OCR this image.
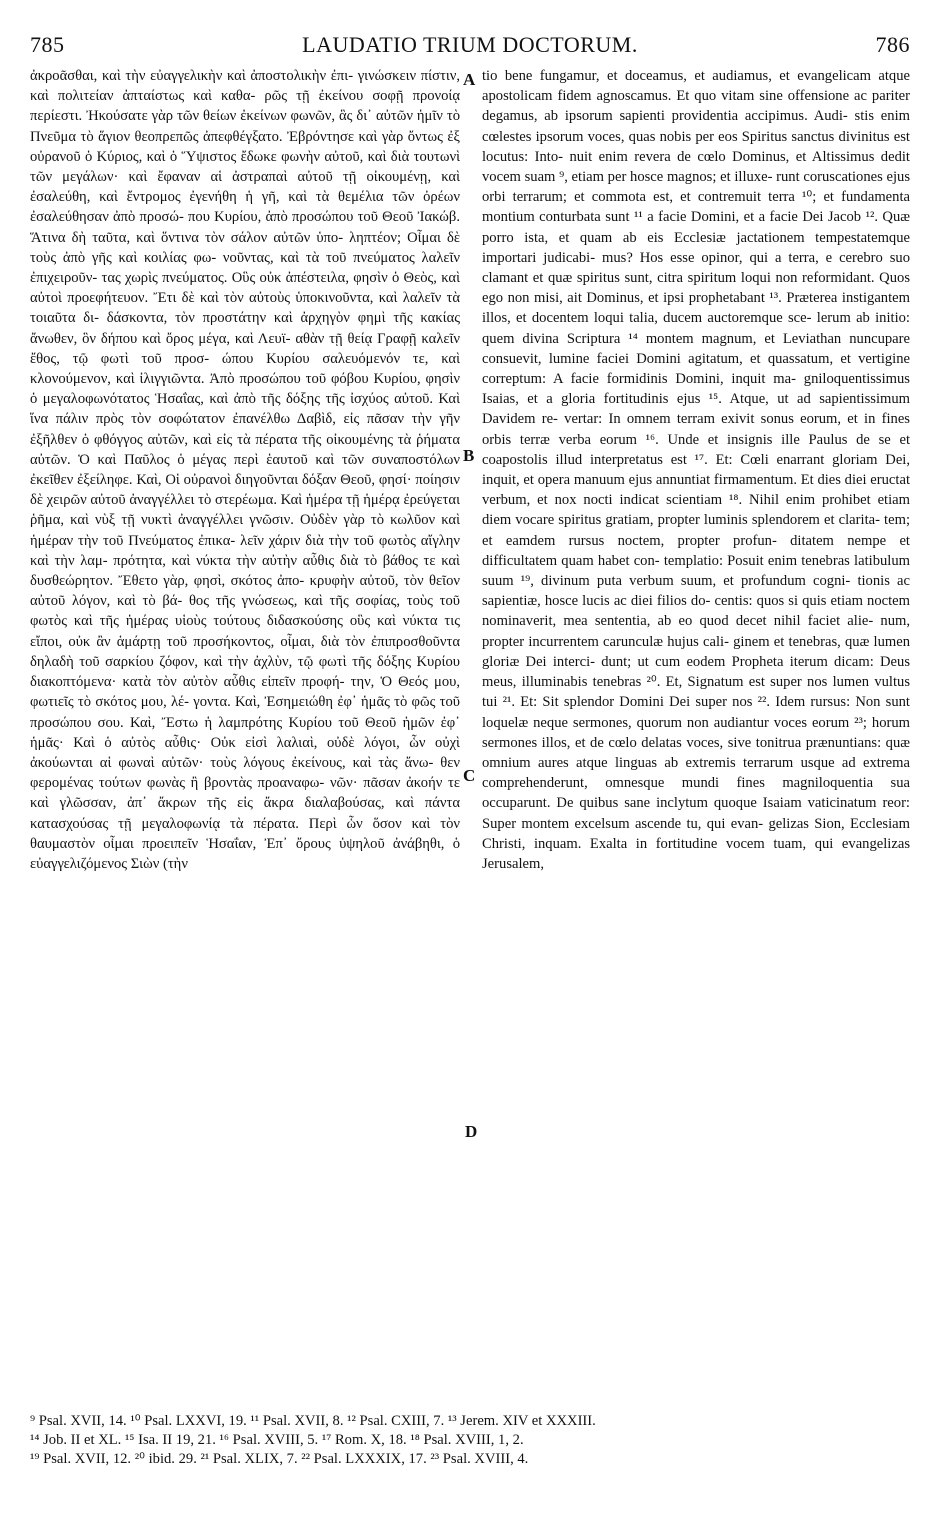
785	LAUDATIO TRIUM DOCTORUM.	786

ἀκροᾶσθαι, καὶ τὴν εὐαγγελικὴν καὶ ἀποστολικὴν ἐπι- γινώσκειν πίστιν, καὶ πολιτείαν ἀπταίστως καὶ καθα- ρῶς τῇ ἐκείνου σοφῇ προνοίᾳ περίεστι. Ἠκούσατε γὰρ τῶν θείων ἐκείνων φωνῶν, ἃς δι᾽ αὐτῶν ἡμῖν τὸ Πνεῦμα τὸ ἅγιον θεοπρεπῶς ἀπεφθέγξατο. Ἐβρόντησε καὶ γὰρ ὄντως ἐξ οὐρανοῦ ὁ Κύριος, καὶ ὁ Ὕψιστος ἔδωκε φωνὴν αὐτοῦ, καὶ διὰ τουτωνὶ τῶν μεγάλων· καὶ ἔφαναν αἱ ἀστραπαὶ αὐτοῦ τῇ οἰκουμένῃ, καὶ ἐσαλεύθη, καὶ ἔντρομος ἐγενήθη ἡ γῆ, καὶ τὰ θεμέλια τῶν ὀρέων ἐσαλεύθησαν ἀπὸ προσώ- που Κυρίου, ἀπὸ προσώπου τοῦ Θεοῦ Ἰακώβ. Ἅτινα δὴ ταῦτα, καὶ ὅντινα τὸν σάλον αὐτῶν ὑπο- ληπτέον; Οἶμαι δὲ τοὺς ἀπὸ γῆς καὶ κοιλίας φω- νοῦντας, καὶ τὰ τοῦ πνεύματος λαλεῖν ἐπιχειροῦν- τας χωρὶς πνεύματος. Οὓς οὐκ ἀπέστειλα, φησὶν ὁ Θεὸς, καὶ αὐτοὶ προεφήτευον. Ἔτι δὲ καὶ τὸν αὐτοὺς ὑποκινοῦντα, καὶ λαλεῖν τὰ τοιαῦτα δι- δάσκοντα, τὸν προστάτην καὶ ἀρχηγὸν φημὶ τῆς κακίας ἄνωθεν, ὃν δήπου καὶ ὄρος μέγα, καὶ Λευϊ- αθὰν τῇ θείᾳ Γραφῇ καλεῖν ἔθος, τῷ φωτὶ τοῦ προσ- ώπου Κυρίου σαλευόμενόν τε, καὶ κλονούμενον, καὶ ἰλιγγιῶντα. Ἀπὸ προσώπου τοῦ φόβου Κυρίου, φησὶν ὁ μεγαλοφωνότατος Ἡσαΐας, καὶ ἀπὸ τῆς δόξης τῆς ἰσχύος αὐτοῦ. Καὶ ἵνα πάλιν πρὸς τὸν σοφώτατον ἐπανέλθω Δαβὶδ, εἰς πᾶσαν τὴν γῆν ἐξῆλθεν ὁ φθόγγος αὐτῶν, καὶ εἰς τὰ πέρατα τῆς οἰκουμένης τὰ ῥήματα αὐτῶν. Ὁ καὶ Παῦλος ὁ μέγας περὶ ἑαυτοῦ καὶ τῶν συναποστόλων ἐκεῖθεν ἐξείληφε. Καὶ, Οἱ οὐρανοὶ διηγοῦνται δόξαν Θεοῦ, φησί· ποίησιν δὲ χειρῶν αὐτοῦ ἀναγγέλλει τὸ στερέωμα. Καὶ ἡμέρα τῇ ἡμέρᾳ ἐρεύγεται ῥῆμα, καὶ νὺξ τῇ νυκτὶ ἀναγγέλλει γνῶσιν. Οὐδὲν γὰρ τὸ κωλῦον καὶ ἡμέραν τὴν τοῦ Πνεύματος ἐπικα- λεῖν χάριν διὰ τὴν τοῦ φωτὸς αἴγλην καὶ τὴν λαμ- πρότητα, καὶ νύκτα τὴν αὐτὴν αὖθις διὰ τὸ βάθος τε καὶ δυσθεώρητον. Ἔθετο γὰρ, φησὶ, σκότος ἀπο- κρυφὴν αὐτοῦ, τὸν θεῖον αὐτοῦ λόγον, καὶ τὸ βά- θος τῆς γνώσεως, καὶ τῆς σοφίας, τοὺς τοῦ φωτὸς καὶ τῆς ἡμέρας υἱοὺς τούτους διδασκούσης οὓς καὶ νύκτα τις εἴποι, οὐκ ἂν ἁμάρτῃ τοῦ προσήκοντος, οἶμαι, διὰ τὸν ἐπιπροσθοῦντα δηλαδὴ τοῦ σαρκίου ζόφον, καὶ τὴν ἀχλὺν, τῷ φωτὶ τῆς δόξης Κυρίου διακοπτόμενα· κατὰ τὸν αὐτὸν αὖθις εἰπεῖν προφή- την, Ὁ Θεός μου, φωτιεῖς τὸ σκότος μου, λέ- γοντα. Καὶ, Ἐσημειώθη ἐφ᾽ ἡμᾶς τὸ φῶς τοῦ προσώπου σου. Καὶ, Ἔστω ἡ λαμπρότης Κυρίου τοῦ Θεοῦ ἡμῶν ἐφ᾽ ἡμᾶς· Καὶ ὁ αὐτὸς αὖθις· Οὐκ εἰσὶ λαλιαὶ, οὐδὲ λόγοι, ὧν οὐχὶ ἀκούωνται αἱ φωναὶ αὐτῶν· τοὺς λόγους ἐκείνους, καὶ τὰς ἄνω- θεν φερομένας τούτων φωνὰς ἢ βροντὰς προαναφω- νῶν· πᾶσαν ἀκοήν τε καὶ γλῶσσαν, ἀπ᾽ ἄκρων τῆς εἰς ἄκρα διαλαβούσας, καὶ πάντα κατασχούσας τῇ μεγαλοφωνίᾳ τὰ πέρατα. Περὶ ὧν ὅσον καὶ τὸν θαυμαστὸν οἶμαι προειπεῖν Ἡσαΐαν, Ἐπ᾽ ὄρους ὑψηλοῦ ἀνάβηθι, ὁ εὐαγγελιζόμενος Σιὼν (τὴν

A
B
C
D

tio bene fungamur, et doceamus, et audiamus, et evangelicam atque apostolicam fidem agnoscamus. Et quo vitam sine offensione ac pariter degamus, ab ipsorum sapienti providentia accipimus. Audi- stis enim cœlestes ipsorum voces, quas nobis per eos Spiritus sanctus divinitus est locutus: Into- nuit enim revera de cœlo Dominus, et Altissimus dedit vocem suam ⁹, etiam per hosce magnos; et illuxe- runt coruscationes ejus orbi terrarum; et commota est, et contremuit terra ¹⁰; et fundamenta montium conturbata sunt ¹¹ a facie Domini, et a facie Dei Jacob ¹². Quæ porro ista, et quam ab eis Ecclesiæ jactationem tempestatemque importari judicabi- mus? Hos esse opinor, qui a terra, e cerebro suo clamant et quæ spiritus sunt, citra spiritum loqui non reformidant. Quos ego non misi, ait Dominus, et ipsi prophetabant ¹³. Præterea instigantem illos, et docentem loqui talia, ducem auctoremque sce- lerum ab initio: quem divina Scriptura ¹⁴ montem magnum, et Leviathan nuncupare consuevit, lumine faciei Domini agitatum, et quassatum, et vertigine correptum: A facie formidinis Domini, inquit ma- gniloquentissimus Isaias, et a gloria fortitudinis ejus ¹⁵. Atque, ut ad sapientissimum Davidem re- vertar: In omnem terram exivit sonus eorum, et in fines orbis terræ verba eorum ¹⁶. Unde et insignis ille Paulus de se et coapostolis illud interpretatus est ¹⁷. Et: Cœli enarrant gloriam Dei, inquit, et opera manuum ejus annuntiat firmamentum. Et dies diei eructat verbum, et nox nocti indicat scientiam ¹⁸. Nihil enim prohibet etiam diem vocare spiritus gratiam, propter luminis splendorem et clarita- tem; et eamdem rursus noctem, propter profun- ditatem nempe et difficultatem quam habet con- templatio: Posuit enim tenebras latibulum suum ¹⁹, divinum puta verbum suum, et profundum cogni- tionis ac sapientiæ, hosce lucis ac diei filios do- centis: quos si quis etiam noctem nominaverit, mea sententia, ab eo quod decet nihil faciet alie- num, propter incurrentem carunculæ hujus cali- ginem et tenebras, quæ lumen gloriæ Dei interci- dunt; ut cum eodem Propheta iterum dicam: Deus meus, illuminabis tenebras ²⁰. Et, Signatum est super nos lumen vultus tui ²¹. Et: Sit splendor Domini Dei super nos ²². Idem rursus: Non sunt loquelæ neque sermones, quorum non audiantur voces eorum ²³; horum sermones illos, et de cœlo delatas voces, sive tonitrua prænuntians: quæ omnium aures atque linguas ab extremis terrarum usque ad extrema comprehenderunt, omnesque mundi fines magniloquentia sua occuparunt. De quibus sane inclytum quoque Isaiam vaticinatum reor: Super montem excelsum ascende tu, qui evan- gelizas Sion, Ecclesiam Christi, inquam. Exalta in fortitudine vocem tuam, qui evangelizas Jerusalem,

⁹ Psal. XVII, 14. ¹⁰ Psal. LXXVI, 19. ¹¹ Psal. XVII, 8. ¹² Psal. CXIII, 7. ¹³ Jerem. XIV et XXXIII.

¹⁴ Job. II et XL. ¹⁵ Isa. II 19, 21. ¹⁶ Psal. XVIII, 5. ¹⁷ Rom. X, 18. ¹⁸ Psal. XVIII, 1, 2.

¹⁹ Psal. XVII, 12. ²⁰ ibid. 29. ²¹ Psal. XLIX, 7. ²² Psal. LXXXIX, 17. ²³ Psal. XVIII, 4.
